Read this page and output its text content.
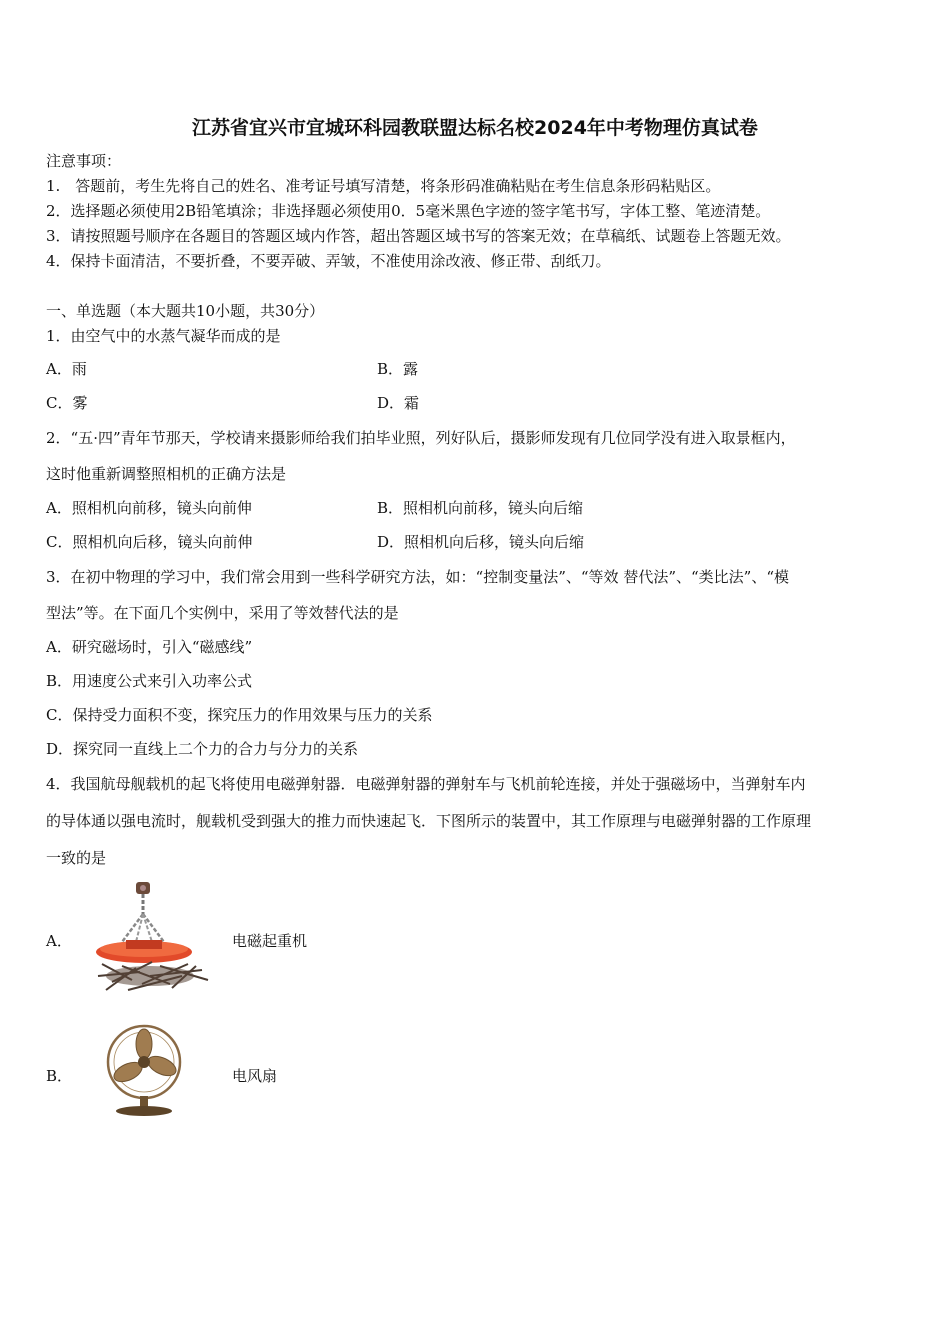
江苏省宜兴市宜城环科园教联盟达标名校2024年中考物理仿真试卷
注意事项：
1.　答题前，考生先将自己的姓名、准考证号填写清楚，将条形码准确粘贴在考生信息条形码粘贴区。
2．选择题必须使用2B铅笔填涂；非选择题必须使用0．5毫米黑色字迹的签字笔书写，字体工整、笔迹清楚。
3．请按照题号顺序在各题目的答题区域内作答，超出答题区域书写的答案无效；在草稿纸、试题卷上答题无效。
4．保持卡面清洁，不要折叠，不要弄破、弄皱，不准使用涂改液、修正带、刮纸刀。
一、单选题（本大题共10小题，共30分）
1．由空气中的水蒸气凝华而成的是
A．雨	B．露
C．雾	D．霜
2．“五·四”青年节那天，学校请来摄影师给我们拍毕业照，列好队后，摄影师发现有几位同学没有进入取景框内，
这时他重新调整照相机的正确方法是
A．照相机向前移，镜头向前伸	B．照相机向前移，镜头向后缩
C．照相机向后移，镜头向前伸	D．照相机向后移，镜头向后缩
3．在初中物理的学习中，我们常会用到一些科学研究方法，如：“控制变量法”、“等效 替代法”、“类比法”、“模
型法”等。在下面几个实例中，采用了等效替代法的是
A．研究磁场时，引入“磁感线”
B．用速度公式来引入功率公式
C．保持受力面积不变，探究压力的作用效果与压力的关系
D．探究同一直线上二个力的合力与分力的关系
4．我国航母舰载机的起飞将使用电磁弹射器．电磁弹射器的弹射车与飞机前轮连接，并处于强磁场中，当弹射车内
的导体通以强电流时，舰载机受到强大的推力而快速起飞．下图所示的装置中，其工作原理与电磁弹射器的工作原理
一致的是
A．	电磁起重机
B．	电风扇
